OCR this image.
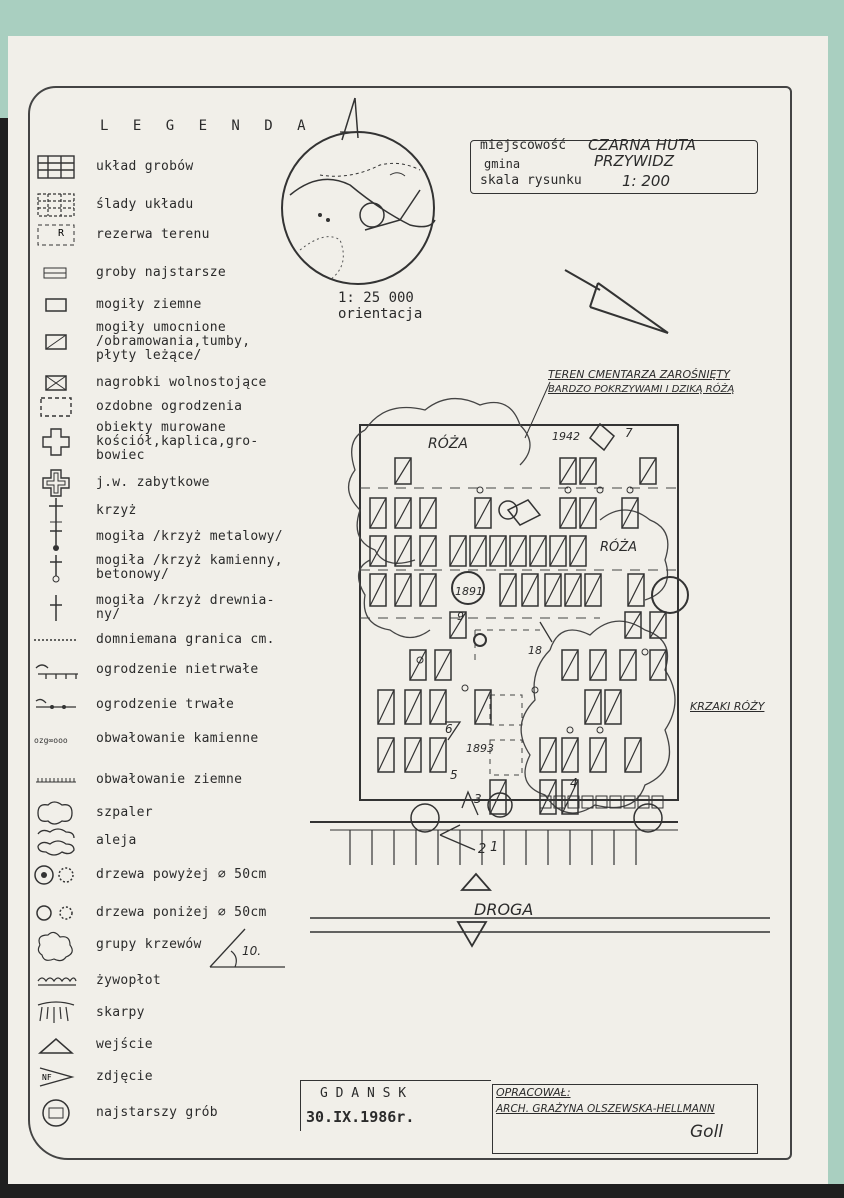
L E G E N D A
układ grobów
ślady układu
R rezerwa terenu
groby najstarsze
mogiły ziemne
mogiły umocnione
/obramowania,tumby,
płyty leżące/
nagrobki wolnostojące
ozdobne ogrodzenia
obiekty murowane
kościół,kaplica,gro-
bowiec
j.w. zabytkowe
krzyż
mogiła /krzyż metalowy/
mogiła /krzyż kamienny,
betonowy/
mogiła /krzyż drewnia-
ny/
domniemana granica cm.
ogrodzenie nietrwałe
ogrodzenie trwałe
ozg∞ooo obwałowanie kamienne
obwałowanie ziemne
szpaler
aleja
drzewa powyżej ∅ 50cm
drzewa poniżej ∅ 50cm
grupy krzewów
żywopłot
skarpy
wejście
NF	zdjęcie
najstarszy grób
1: 25 000
orientacja
miejscowość CZARNA HUTA
gmina	PRZYWIDZ
skala rysunku	1: 200
TEREN CMENTARZA ZAROŚNIĘTY
BARDZO POKRZYWAMI I DZIKĄ RÓŻĄ
RÓŻA
RÓŻA
KRZAKI RÓŻY
1942
1891
1893
1
2
3
4
5
6
7
9
18
DROGA
10.
G D A N S K
30.IX.1986r.
OPRACOWAŁ:
ARCH. GRAŻYNA OLSZEWSKA-HELLMANN
Goll
